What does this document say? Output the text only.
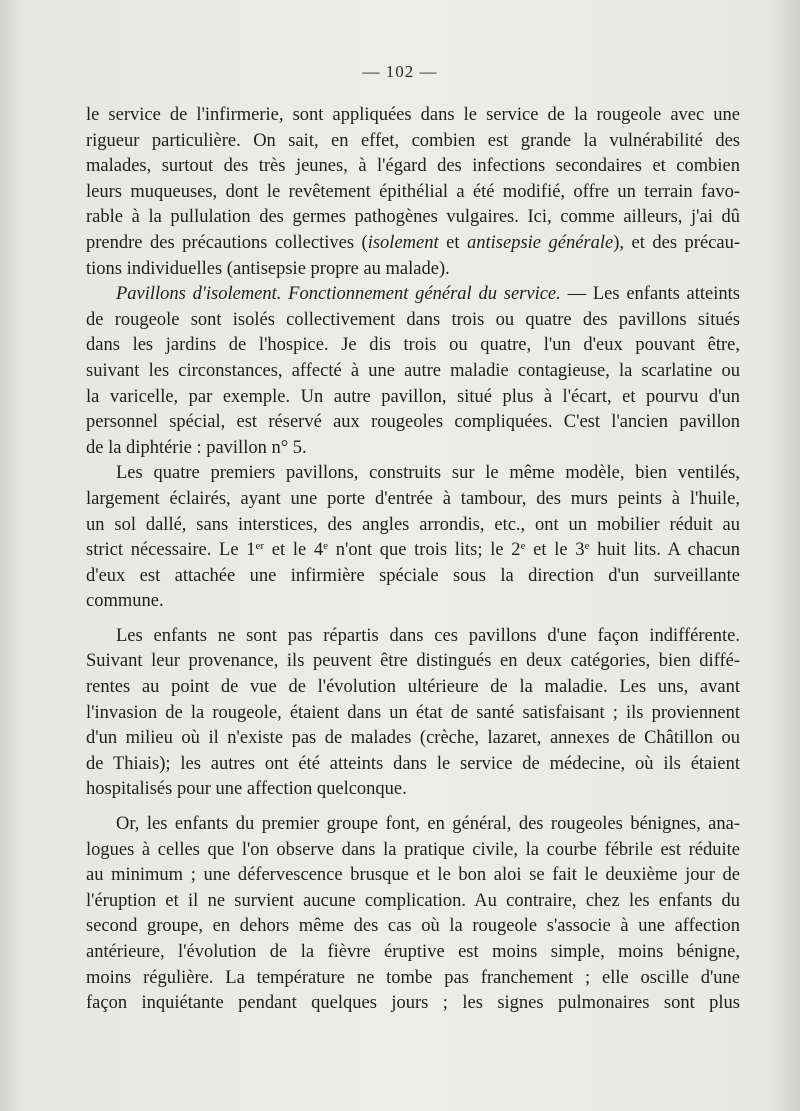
— 102 —
le service de l'infirmerie, sont appliquées dans le service de la rougeole avec une
rigueur particulière. On sait, en effet, combien est grande la vulnérabilité des
malades, surtout des très jeunes, à l'égard des infections secondaires et combien
leurs muqueuses, dont le revêtement épithélial a été modifié, offre un terrain favo-
rable à la pullulation des germes pathogènes vulgaires. Ici, comme ailleurs, j'ai dû
prendre des précautions collectives (isolement et antisepsie générale), et des précau-
tions individuelles (antisepsie propre au malade).
Pavillons d'isolement. Fonctionnement général du service. — Les enfants atteints
de rougeole sont isolés collectivement dans trois ou quatre des pavillons situés
dans les jardins de l'hospice. Je dis trois ou quatre, l'un d'eux pouvant être,
suivant les circonstances, affecté à une autre maladie contagieuse, la scarlatine ou
la varicelle, par exemple. Un autre pavillon, situé plus à l'écart, et pourvu d'un
personnel spécial, est réservé aux rougeoles compliquées. C'est l'ancien pavillon
de la diphtérie : pavillon n° 5.
Les quatre premiers pavillons, construits sur le même modèle, bien ventilés,
largement éclairés, ayant une porte d'entrée à tambour, des murs peints à l'huile,
un sol dallé, sans interstices, des angles arrondis, etc., ont un mobilier réduit au
strict nécessaire. Le 1er et le 4e n'ont que trois lits; le 2e et le 3e huit lits. A chacun
d'eux est attachée une infirmière spéciale sous la direction d'un surveillante
commune.
Les enfants ne sont pas répartis dans ces pavillons d'une façon indifférente.
Suivant leur provenance, ils peuvent être distingués en deux catégories, bien diffé-
rentes au point de vue de l'évolution ultérieure de la maladie. Les uns, avant
l'invasion de la rougeole, étaient dans un état de santé satisfaisant ; ils proviennent
d'un milieu où il n'existe pas de malades (crèche, lazaret, annexes de Châtillon ou
de Thiais); les autres ont été atteints dans le service de médecine, où ils étaient
hospitalisés pour une affection quelconque.
Or, les enfants du premier groupe font, en général, des rougeoles bénignes, ana-
logues à celles que l'on observe dans la pratique civile, la courbe fébrile est réduite
au minimum ; une défervescence brusque et le bon aloi se fait le deuxième jour de
l'éruption et il ne survient aucune complication. Au contraire, chez les enfants du
second groupe, en dehors même des cas où la rougeole s'associe à une affection
antérieure, l'évolution de la fièvre éruptive est moins simple, moins bénigne,
moins régulière. La température ne tombe pas franchement ; elle oscille d'une
façon inquiétante pendant quelques jours ; les signes pulmonaires sont plus
